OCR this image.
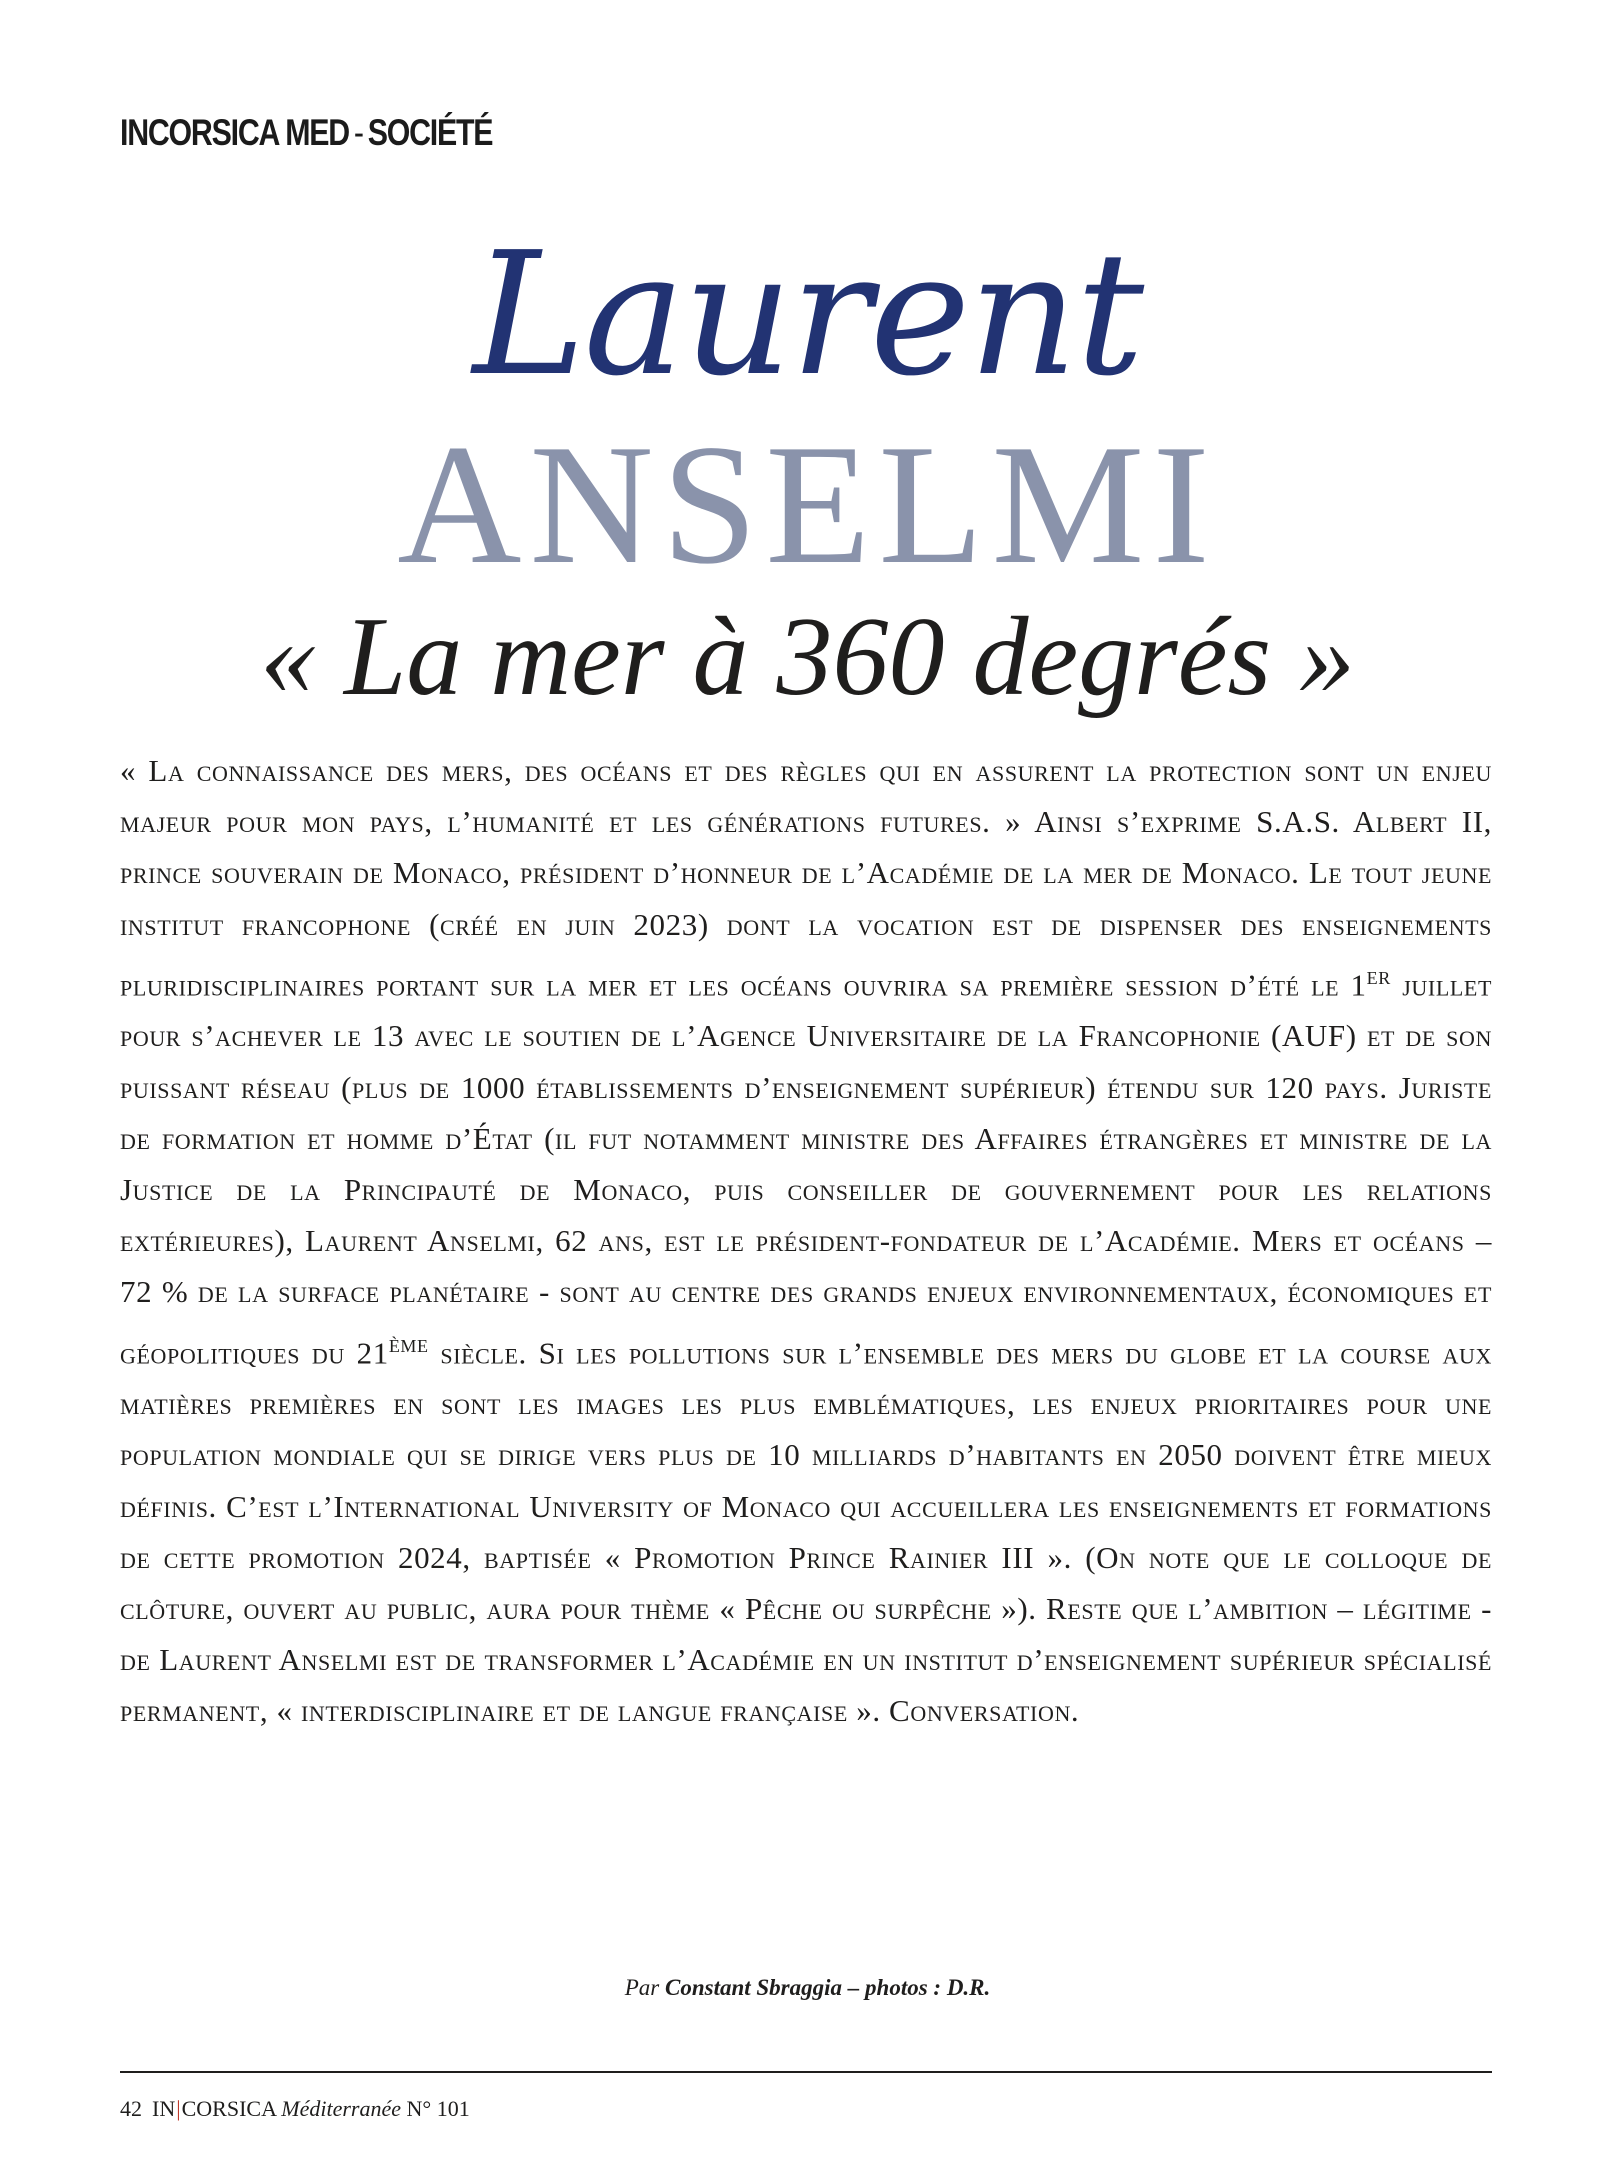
INCORSICA MED - SOCIÉTÉ
Laurent
ANSELMI
« La mer à 360 degrés »
« La connaissance des mers, des océans et des règles qui en assurent la protection sont un enjeu majeur pour mon pays, l’humanité et les générations futures. » Ainsi s’exprime S.A.S. Albert II, prince souverain de Monaco, président d’honneur de l’Académie de la mer de Monaco. Le tout jeune institut francophone (créé en juin 2023) dont la vocation est de dispenser des enseignements pluridisciplinaires portant sur la mer et les océans ouvrira sa première session d’été le 1er juillet pour s’achever le 13 avec le soutien de l’Agence Universitaire de la Francophonie (AUF) et de son puissant réseau (plus de 1000 établissements d’enseignement supérieur) étendu sur 120 pays. Juriste de formation et homme d’État (il fut notamment ministre des Affaires étrangères et ministre de la Justice de la Principauté de Monaco, puis conseiller de gouvernement pour les relations extérieures), Laurent Anselmi, 62 ans, est le président-fondateur de l’Académie. Mers et océans – 72 % de la surface planétaire - sont au centre des grands enjeux environnementaux, économiques et géopolitiques du 21ème siècle. Si les pollutions sur l’ensemble des mers du globe et la course aux matières premières en sont les images les plus emblématiques, les enjeux prioritaires pour une population mondiale qui se dirige vers plus de 10 milliards d’habitants en 2050 doivent être mieux définis. C’est l’International University of Monaco qui accueillera les enseignements et formations de cette promotion 2024, baptisée « Promotion Prince Rainier III ». (On note que le colloque de clôture, ouvert au public, aura pour thème « Pêche ou surpêche »). Reste que l’ambition – légitime - de Laurent Anselmi est de transformer l’Académie en un institut d’enseignement supérieur spécialisé permanent, « interdisciplinaire et de langue française ». Conversation.
Par Constant Sbraggia – photos : D.R.
42 IN|CORSICA Méditerranée N° 101
